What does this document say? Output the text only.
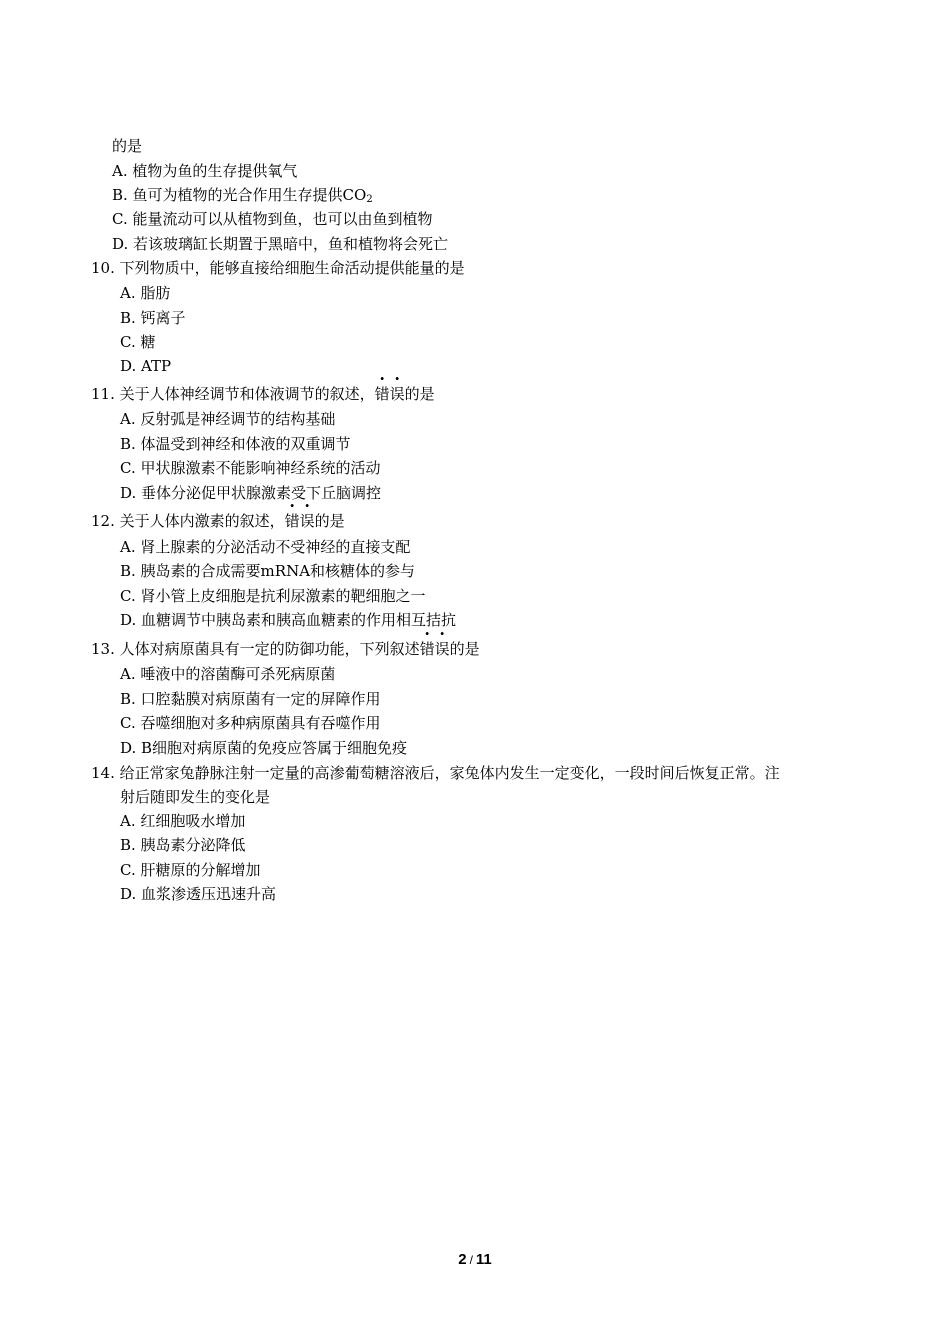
的是
A. 植物为鱼的生存提供氧气
B. 鱼可为植物的光合作用生存提供$CO_2$
C. 能量流动可以从植物到鱼，也可以由鱼到植物
D. 若该玻璃缸长期置于黑暗中，鱼和植物将会死亡
10. 下列物质中，能够直接给细胞生命活动提供能量的是
A. 脂肪
B. 钙离子
C. 糖
D. ATP
11. 关于人体神经调节和体液调节的叙述，错误的是
A. 反射弧是神经调节的结构基础
B. 体温受到神经和体液的双重调节
C. 甲状腺激素不能影响神经系统的活动
D. 垂体分泌促甲状腺激素受下丘脑调控
12. 关于人体内激素的叙述，错误的是
A. 肾上腺素的分泌活动不受神经的直接支配
B. 胰岛素的合成需要mRNA和核糖体的参与
C. 肾小管上皮细胞是抗利尿激素的靶细胞之一
D. 血糖调节中胰岛素和胰高血糖素的作用相互拮抗
13. 人体对病原菌具有一定的防御功能，下列叙述错误的是
A. 唾液中的溶菌酶可杀死病原菌
B. 口腔黏膜对病原菌有一定的屏障作用
C. 吞噬细胞对多种病原菌具有吞噬作用
D. B细胞对病原菌的免疫应答属于细胞免疫
14. 给正常家兔静脉注射一定量的高渗葡萄糖溶液后，家兔体内发生一定变化，一段时间后恢复正常。注
射后随即发生的变化是
A. 红细胞吸水增加
B. 胰岛素分泌降低
C. 肝糖原的分解增加
D. 血浆渗透压迅速升高
2 / 11
